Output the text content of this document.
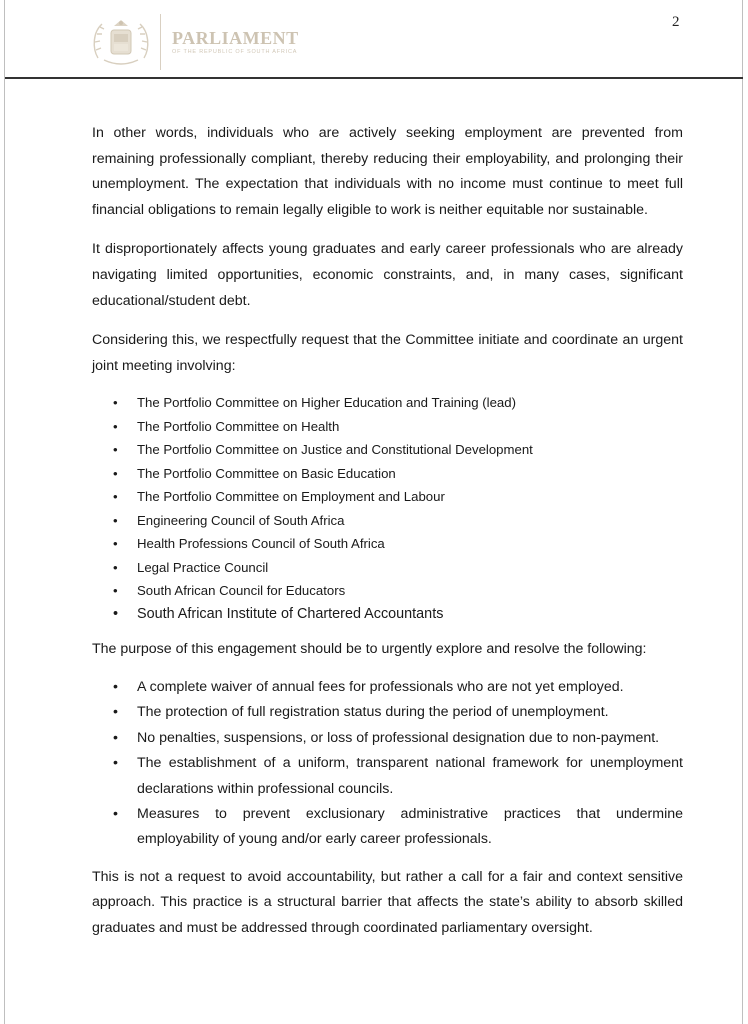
PARLIAMENT
OF THE REPUBLIC OF SOUTH AFRICA
2

In other words, individuals who are actively seeking employment are prevented from remaining professionally compliant, thereby reducing their employability, and prolonging their unemployment. The expectation that individuals with no income must continue to meet full financial obligations to remain legally eligible to work is neither equitable nor sustainable.

It disproportionately affects young graduates and early career professionals who are already navigating limited opportunities, economic constraints, and, in many cases, significant educational/student debt.

Considering this, we respectfully request that the Committee initiate and coordinate an urgent joint meeting involving:

• The Portfolio Committee on Higher Education and Training (lead)
• The Portfolio Committee on Health
• The Portfolio Committee on Justice and Constitutional Development
• The Portfolio Committee on Basic Education
• The Portfolio Committee on Employment and Labour
• Engineering Council of South Africa
• Health Professions Council of South Africa
• Legal Practice Council
• South African Council for Educators
• South African Institute of Chartered Accountants

The purpose of this engagement should be to urgently explore and resolve the following:

• A complete waiver of annual fees for professionals who are not yet employed.
• The protection of full registration status during the period of unemployment.
• No penalties, suspensions, or loss of professional designation due to non-payment.
• The establishment of a uniform, transparent national framework for unemployment declarations within professional councils.
• Measures to prevent exclusionary administrative practices that undermine employability of young and/or early career professionals.

This is not a request to avoid accountability, but rather a call for a fair and context sensitive approach. This practice is a structural barrier that affects the state’s ability to absorb skilled graduates and must be addressed through coordinated parliamentary oversight.
